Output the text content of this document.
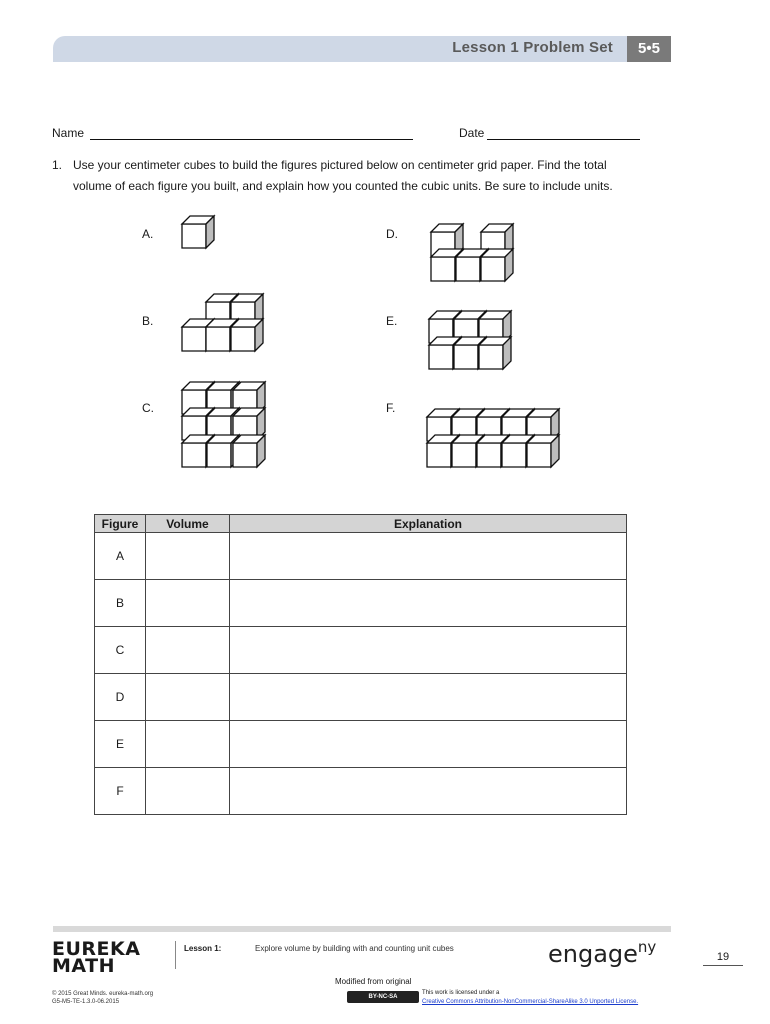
Lesson 1 Problem Set	5•5
Name	Date
1. Use your centimeter cubes to build the figures pictured below on centimeter grid paper. Find the total
volume of each figure you built, and explain how you counted the cubic units. Be sure to include units.
A.
B.
C.
D.
E.
F.
Figure	Volume	Explanation
A		
B		
C		
D		
E		
F		
EUREKA
MATH
Lesson 1:	Explore volume by building with and counting unit cubes	engage$^{ny}$
19
© 2015 Great Minds. eureka-math.org
G5-M5-TE-1.3.0-06.2015
Modified from original
BY-NC-SA
This work is licensed under a
Creative Commons Attribution-NonCommercial-ShareAlike 3.0 Unported License.
